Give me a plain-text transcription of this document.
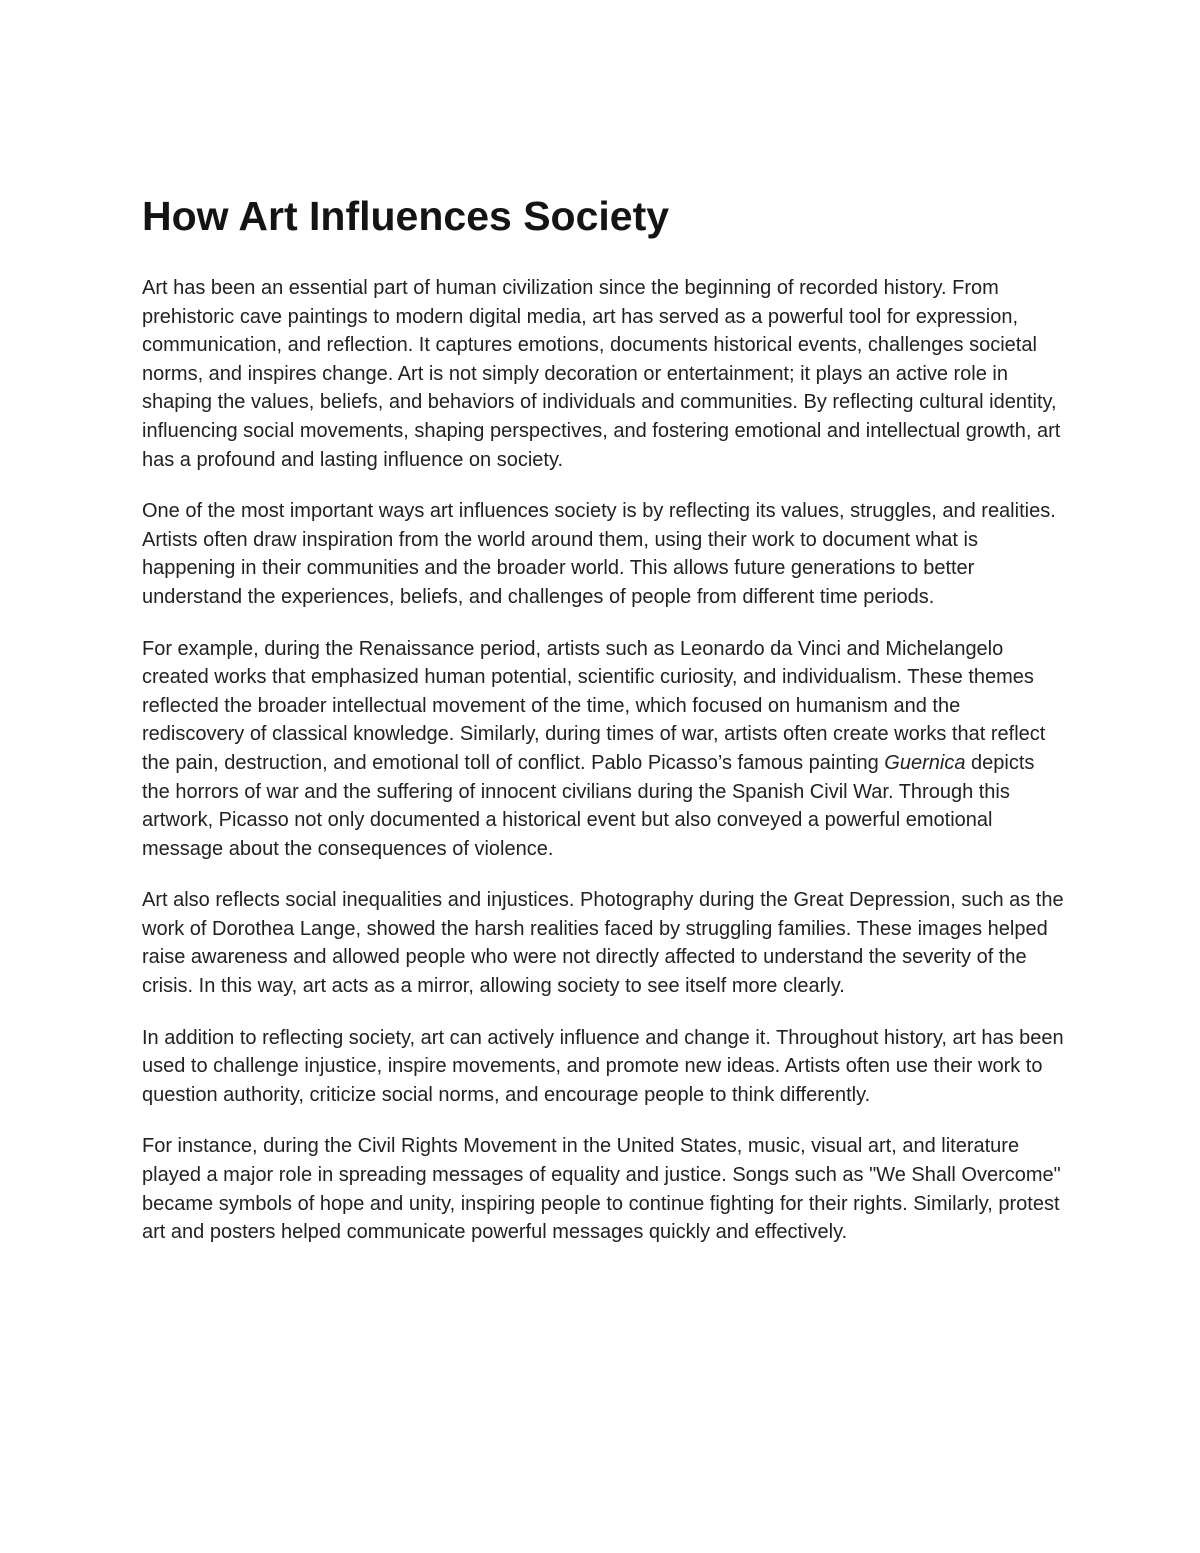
How Art Influences Society

Art has been an essential part of human civilization since the beginning of recorded history. From prehistoric cave paintings to modern digital media, art has served as a powerful tool for expression, communication, and reflection. It captures emotions, documents historical events, challenges societal norms, and inspires change. Art is not simply decoration or entertainment; it plays an active role in shaping the values, beliefs, and behaviors of individuals and communities. By reflecting cultural identity, influencing social movements, shaping perspectives, and fostering emotional and intellectual growth, art has a profound and lasting influence on society.

One of the most important ways art influences society is by reflecting its values, struggles, and realities. Artists often draw inspiration from the world around them, using their work to document what is happening in their communities and the broader world. This allows future generations to better understand the experiences, beliefs, and challenges of people from different time periods.

For example, during the Renaissance period, artists such as Leonardo da Vinci and Michelangelo created works that emphasized human potential, scientific curiosity, and individualism. These themes reflected the broader intellectual movement of the time, which focused on humanism and the rediscovery of classical knowledge. Similarly, during times of war, artists often create works that reflect the pain, destruction, and emotional toll of conflict. Pablo Picasso’s famous painting Guernica depicts the horrors of war and the suffering of innocent civilians during the Spanish Civil War. Through this artwork, Picasso not only documented a historical event but also conveyed a powerful emotional message about the consequences of violence.

Art also reflects social inequalities and injustices. Photography during the Great Depression, such as the work of Dorothea Lange, showed the harsh realities faced by struggling families. These images helped raise awareness and allowed people who were not directly affected to understand the severity of the crisis. In this way, art acts as a mirror, allowing society to see itself more clearly.

In addition to reflecting society, art can actively influence and change it. Throughout history, art has been used to challenge injustice, inspire movements, and promote new ideas. Artists often use their work to question authority, criticize social norms, and encourage people to think differently.

For instance, during the Civil Rights Movement in the United States, music, visual art, and literature played a major role in spreading messages of equality and justice. Songs such as "We Shall Overcome" became symbols of hope and unity, inspiring people to continue fighting for their rights. Similarly, protest art and posters helped communicate powerful messages quickly and effectively.
